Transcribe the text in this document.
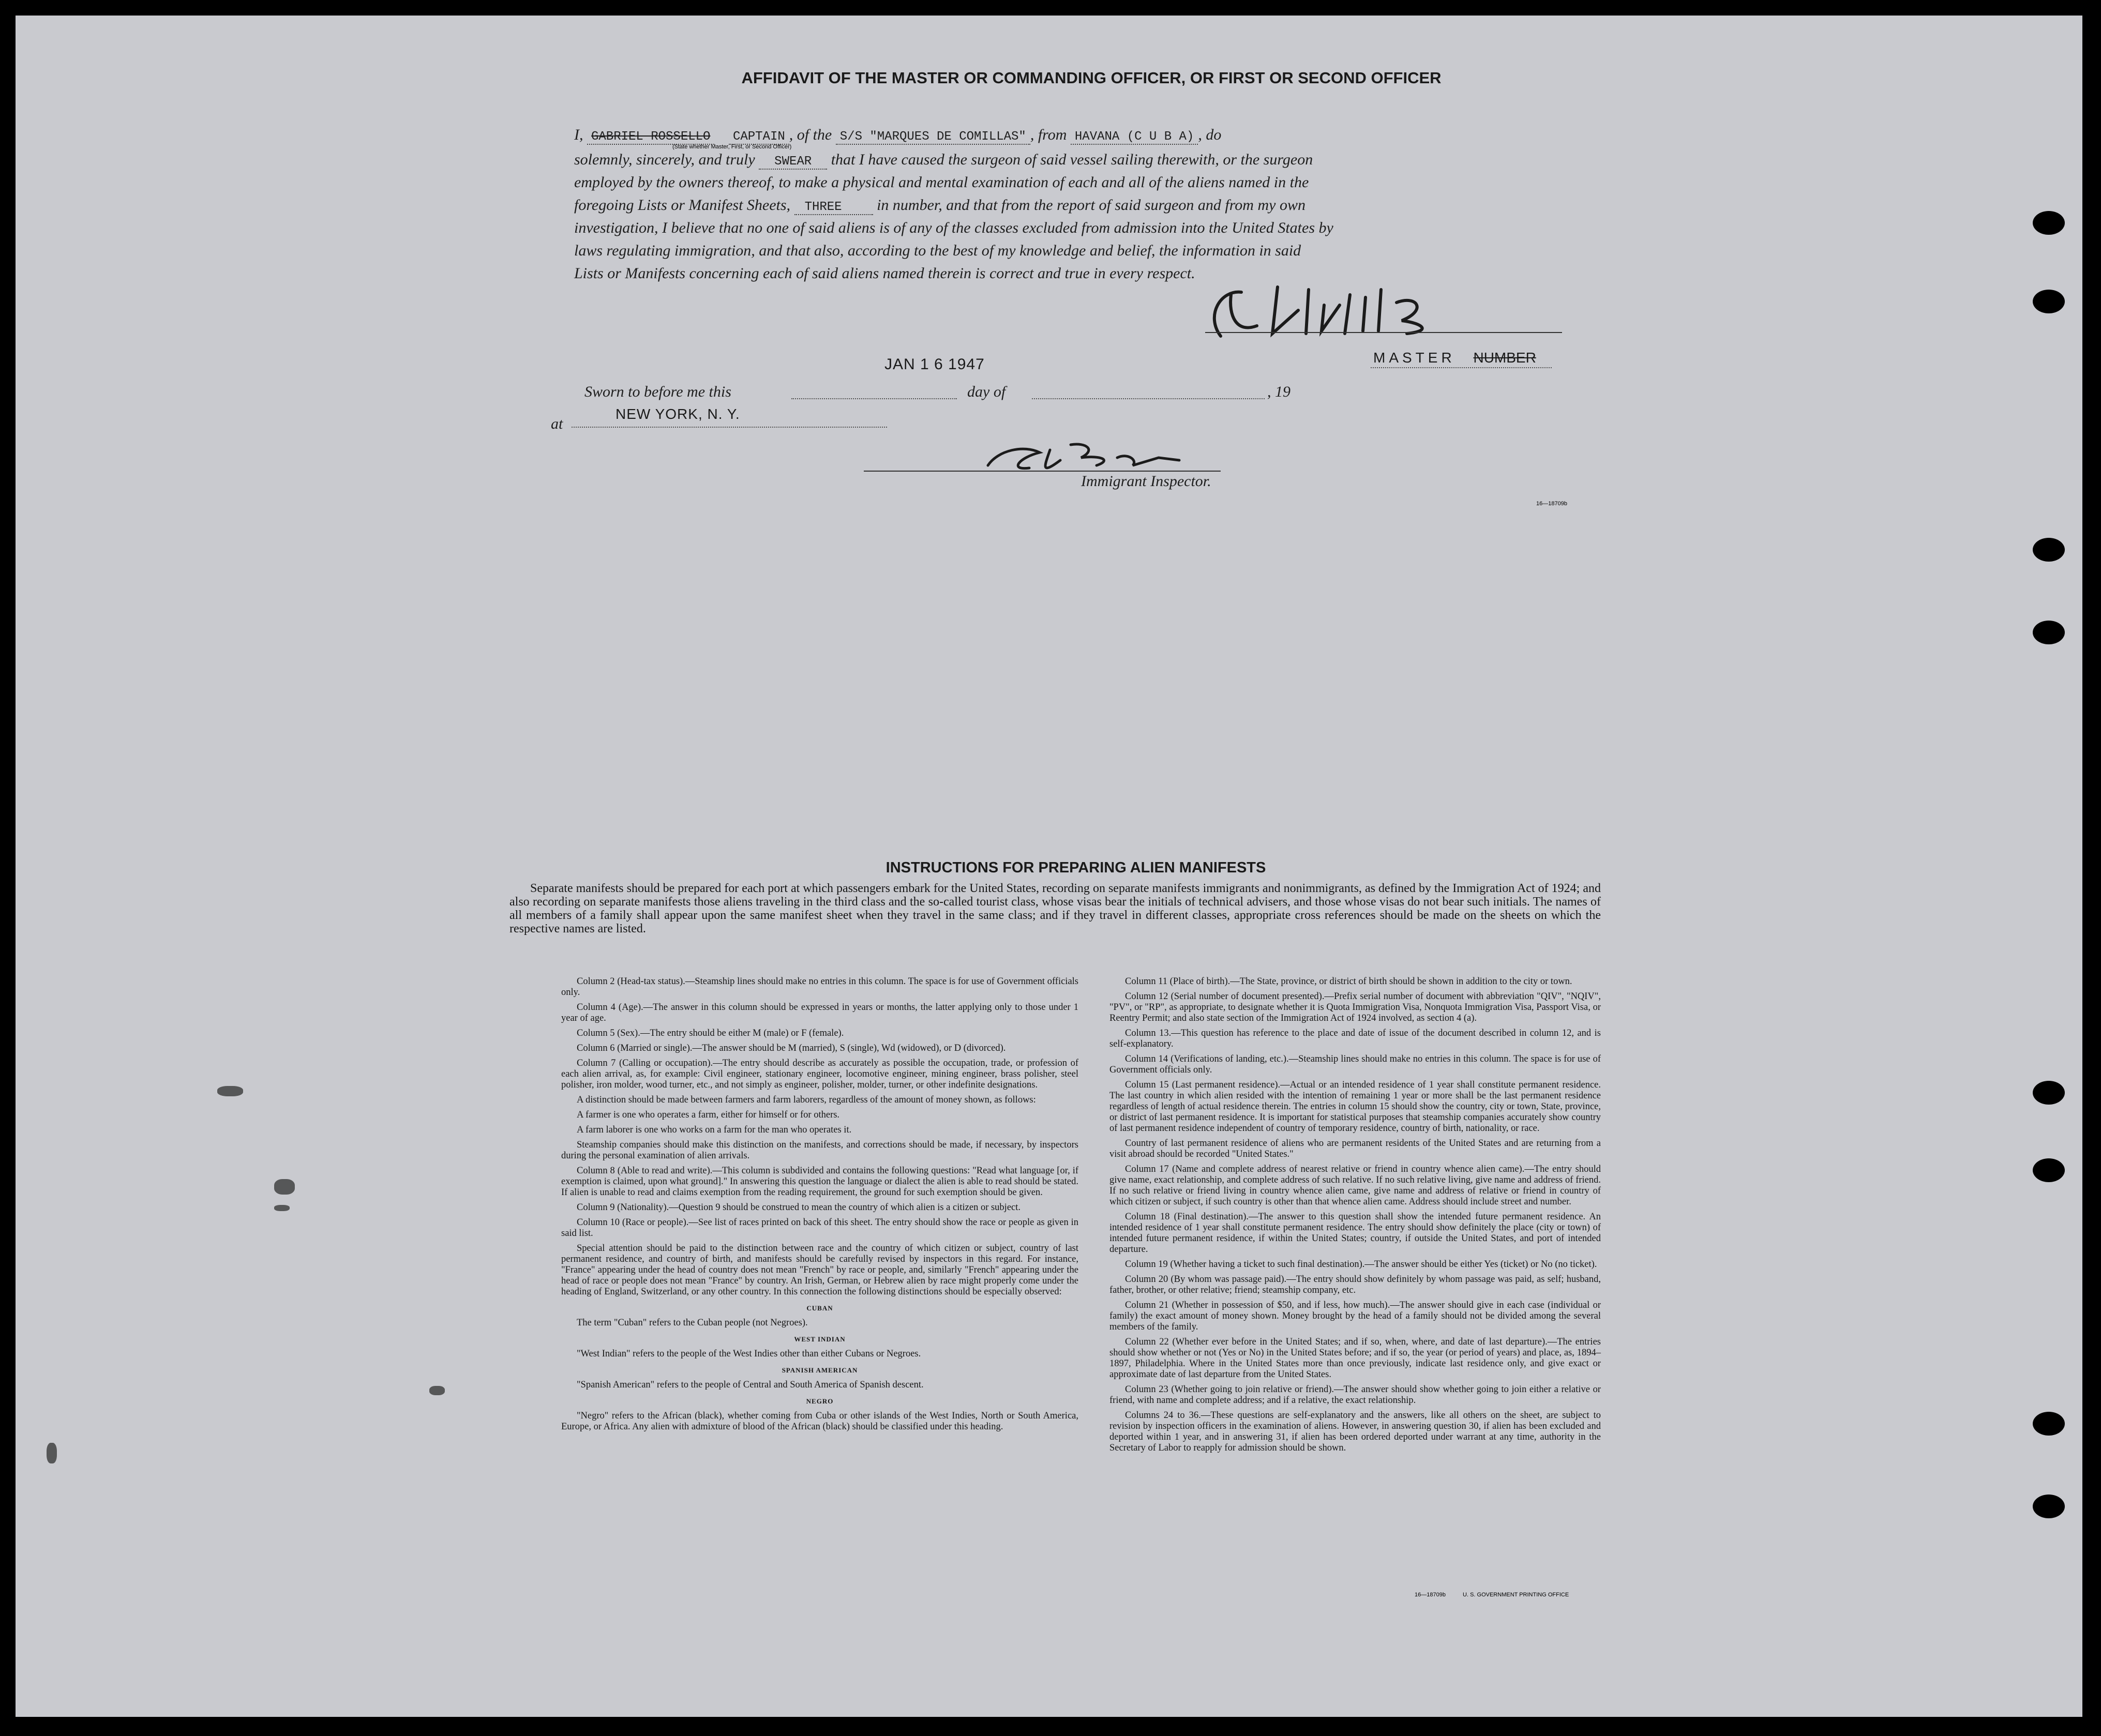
AFFIDAVIT OF THE MASTER OR COMMANDING OFFICER, OR FIRST OR SECOND OFFICER
I, GABRIEL ROSSELLO CAPTAIN , of the S/S "MARQUES DE COMILLAS" , from HAVANA (C U B A) , do
(State whether Master, First, or Second Officer)
solemnly, sincerely, and truly SWEAR that I have caused the surgeon of said vessel sailing therewith, or the surgeon
employed by the owners thereof, to make a physical and mental examination of each and all of the aliens named in the
foregoing Lists or Manifest Sheets, THREE in number, and that from the report of said surgeon and from my own
investigation, I believe that no one of said aliens is of any of the classes excluded from admission into the United States by
laws regulating immigration, and that also, according to the best of my knowledge and belief, the information in said
Lists or Manifests concerning each of said aliens named therein is correct and true in every respect.
JAN 1 6 1947	MASTER NUMBER
Sworn to before me this	day of	, 19
at
NEW YORK, N. Y.
Immigrant Inspector.
16—18709b
INSTRUCTIONS FOR PREPARING ALIEN MANIFESTS

Separate manifests should be prepared for each port at which passengers embark for the United States, recording on separate manifests immigrants and nonimmigrants, as defined by the Immigration Act of 1924; and also recording on separate manifests those aliens traveling in the third class and the so-called tourist class, whose visas bear the initials of technical advisers, and those whose visas do not bear such initials. The names of all members of a family shall appear upon the same manifest sheet when they travel in the same class; and if they travel in different classes, appropriate cross references should be made on the sheets on which the respective names are listed.

Column 2 (Head-tax status).—Steamship lines should make no entries in this column. The space is for use of Government officials only.

Column 4 (Age).—The answer in this column should be expressed in years or months, the latter applying only to those under 1 year of age.

Column 5 (Sex).—The entry should be either M (male) or F (female).

Column 6 (Married or single).—The answer should be M (married), S (single), Wd (widowed), or D (divorced).

Column 7 (Calling or occupation).—The entry should describe as accurately as possible the occupation, trade, or profession of each alien arrival, as, for example: Civil engineer, stationary engineer, locomotive engineer, mining engineer, brass polisher, steel polisher, iron molder, wood turner, etc., and not simply as engineer, polisher, molder, turner, or other indefinite designations.

A distinction should be made between farmers and farm laborers, regardless of the amount of money shown, as follows:

A farmer is one who operates a farm, either for himself or for others.

A farm laborer is one who works on a farm for the man who operates it.

Steamship companies should make this distinction on the manifests, and corrections should be made, if necessary, by inspectors during the personal examination of alien arrivals.

Column 8 (Able to read and write).—This column is subdivided and contains the following questions: "Read what language [or, if exemption is claimed, upon what ground]." In answering this question the language or dialect the alien is able to read should be stated. If alien is unable to read and claims exemption from the reading requirement, the ground for such exemption should be given.

Column 9 (Nationality).—Question 9 should be construed to mean the country of which alien is a citizen or subject.

Column 10 (Race or people).—See list of races printed on back of this sheet. The entry should show the race or people as given in said list.

Special attention should be paid to the distinction between race and the country of which citizen or subject, country of last permanent residence, and country of birth, and manifests should be carefully revised by inspectors in this regard. For instance, "France" appearing under the head of country does not mean "French" by race or people, and, similarly "French" appearing under the head of race or people does not mean "France" by country. An Irish, German, or Hebrew alien by race might properly come under the heading of England, Switzerland, or any other country. In this connection the following distinctions should be especially observed:

CUBAN

The term "Cuban" refers to the Cuban people (not Negroes).

WEST INDIAN

"West Indian" refers to the people of the West Indies other than either Cubans or Negroes.

SPANISH AMERICAN

"Spanish American" refers to the people of Central and South America of Spanish descent.

NEGRO

"Negro" refers to the African (black), whether coming from Cuba or other islands of the West Indies, North or South America, Europe, or Africa. Any alien with admixture of blood of the African (black) should be classified under this heading.

Column 11 (Place of birth).—The State, province, or district of birth should be shown in addition to the city or town.

Column 12 (Serial number of document presented).—Prefix serial number of document with abbreviation "QIV", "NQIV", "PV", or "RP", as appropriate, to designate whether it is Quota Immigration Visa, Nonquota Immigration Visa, Passport Visa, or Reentry Permit; and also state section of the Immigration Act of 1924 involved, as section 4 (a).

Column 13.—This question has reference to the place and date of issue of the document described in column 12, and is self-explanatory.

Column 14 (Verifications of landing, etc.).—Steamship lines should make no entries in this column. The space is for use of Government officials only.

Column 15 (Last permanent residence).—Actual or an intended residence of 1 year shall constitute permanent residence. The last country in which alien resided with the intention of remaining 1 year or more shall be the last permanent residence regardless of length of actual residence therein. The entries in column 15 should show the country, city or town, State, province, or district of last permanent residence. It is important for statistical purposes that steamship companies accurately show country of last permanent residence independent of country of temporary residence, country of birth, nationality, or race.

Country of last permanent residence of aliens who are permanent residents of the United States and are returning from a visit abroad should be recorded "United States."

Column 17 (Name and complete address of nearest relative or friend in country whence alien came).—The entry should give name, exact relationship, and complete address of such relative. If no such relative living, give name and address of friend. If no such relative or friend living in country whence alien came, give name and address of relative or friend in country of which citizen or subject, if such country is other than that whence alien came. Address should include street and number.

Column 18 (Final destination).—The answer to this question shall show the intended future permanent residence. An intended residence of 1 year shall constitute permanent residence. The entry should show definitely the place (city or town) of intended future permanent residence, if within the United States; country, if outside the United States, and port of intended departure.

Column 19 (Whether having a ticket to such final destination).—The answer should be either Yes (ticket) or No (no ticket).

Column 20 (By whom was passage paid).—The entry should show definitely by whom passage was paid, as self; husband, father, brother, or other relative; friend; steamship company, etc.

Column 21 (Whether in possession of $50, and if less, how much).—The answer should give in each case (individual or family) the exact amount of money shown. Money brought by the head of a family should not be divided among the several members of the family.

Column 22 (Whether ever before in the United States; and if so, when, where, and date of last departure).—The entries should show whether or not (Yes or No) in the United States before; and if so, the year (or period of years) and place, as, 1894–1897, Philadelphia. Where in the United States more than once previously, indicate last residence only, and give exact or approximate date of last departure from the United States.

Column 23 (Whether going to join relative or friend).—The answer should show whether going to join either a relative or friend, with name and complete address; and if a relative, the exact relationship.

Columns 24 to 36.—These questions are self-explanatory and the answers, like all others on the sheet, are subject to revision by inspection officers in the examination of aliens. However, in answering question 30, if alien has been excluded and deported within 1 year, and in answering 31, if alien has been ordered deported under warrant at any time, authority in the Secretary of Labor to reapply for admission should be shown.

16—18709b	U. S. GOVERNMENT PRINTING OFFICE
